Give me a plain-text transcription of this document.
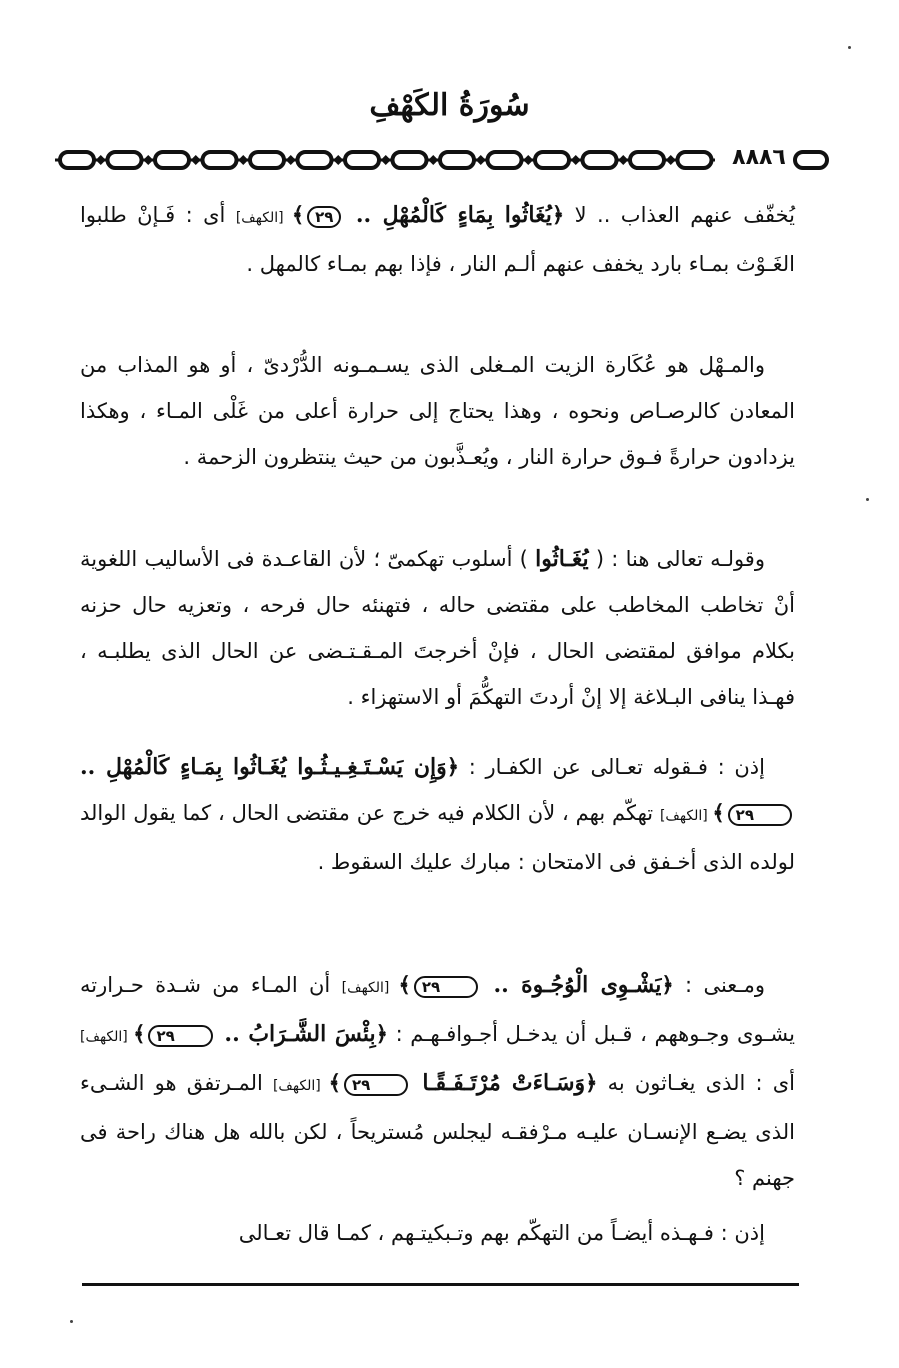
سُورَةُ الكَهْفِ
٨٨٨٦

يُخفّف عنهم العذاب .. لا ﴿يُغَاثُوا بِمَاءٍ كَالْمُهْلِ .. ٢٩﴾ [الكهف] أى : فَـإنْ طلبوا الغَـوْث بمـاء بارد يخفف عنهم ألـم النار ، فإذا بهم بمـاء كالمهل .

والمـهْل هو عُكَارة الزيت المـغلى الذى يسـمـونه الدُّرْدىّ ، أو هو المذاب من المعادن كالرصـاص ونحوه ، وهذا يحتاج إلى حرارة أعلى من غَلْى المـاء ، وهكذا يزدادون حرارةً فـوق حرارة النار ، ويُعـذَّبون من حيث ينتظرون الزحمة .

وقولـه تعالى هنا : ( يُغَـاثُوا ) أسلوب تهكمىّ ؛ لأن القاعـدة فى الأساليب اللغوية أنْ تخاطب المخاطب على مقتضى حاله ، فتهنئه حال فرحه ، وتعزيه حال حزنه بكلام موافق لمقتضى الحال ، فإنْ أخرجتَ المـقـتـضى عن الحال الذى يطلبـه ، فهـذا ينافى البـلاغة إلا إنْ أردتَ التهكُّمَ أو الاستهزاء .

إذن : فـقوله تعـالى عن الكفـار : ﴿وَإِن يَسْـتَـغِـيـثُـوا يُغَـاثُوا بِمَـاءٍ كَالْمُهْلِ .. ٢٩﴾ [الكهف] تهكّم بهم ، لأن الكلام فيه خرج عن مقتضى الحال ، كما يقول الوالد لولده الذى أخـفق فى الامتحان : مبارك عليك السقوط .

ومـعنى : ﴿يَشْـوِى الْوُجُـوهَ .. ٢٩﴾ [الكهف] أن المـاء من شـدة حـرارته يشـوى وجـوههم ، قـبل أن يدخـل أجـوافـهـم : ﴿بِئْسَ الشَّـرَابُ .. ٢٩﴾ [الكهف] أى : الذى يغـاثون به ﴿وَسَـاءَتْ مُرْتَـفَـقًـا ٢٩﴾ [الكهف] المـرتفق هو الشـىء الذى يضـع الإنسـان عليـه مـرْفقـه ليجلس مُستريحاً ، لكن بالله هل هناك راحة فى جهنم ؟

إذن : فـهـذه أيضـاً من التهكّم بهم وتـبكيتـهم ، كمـا قال تعـالى
